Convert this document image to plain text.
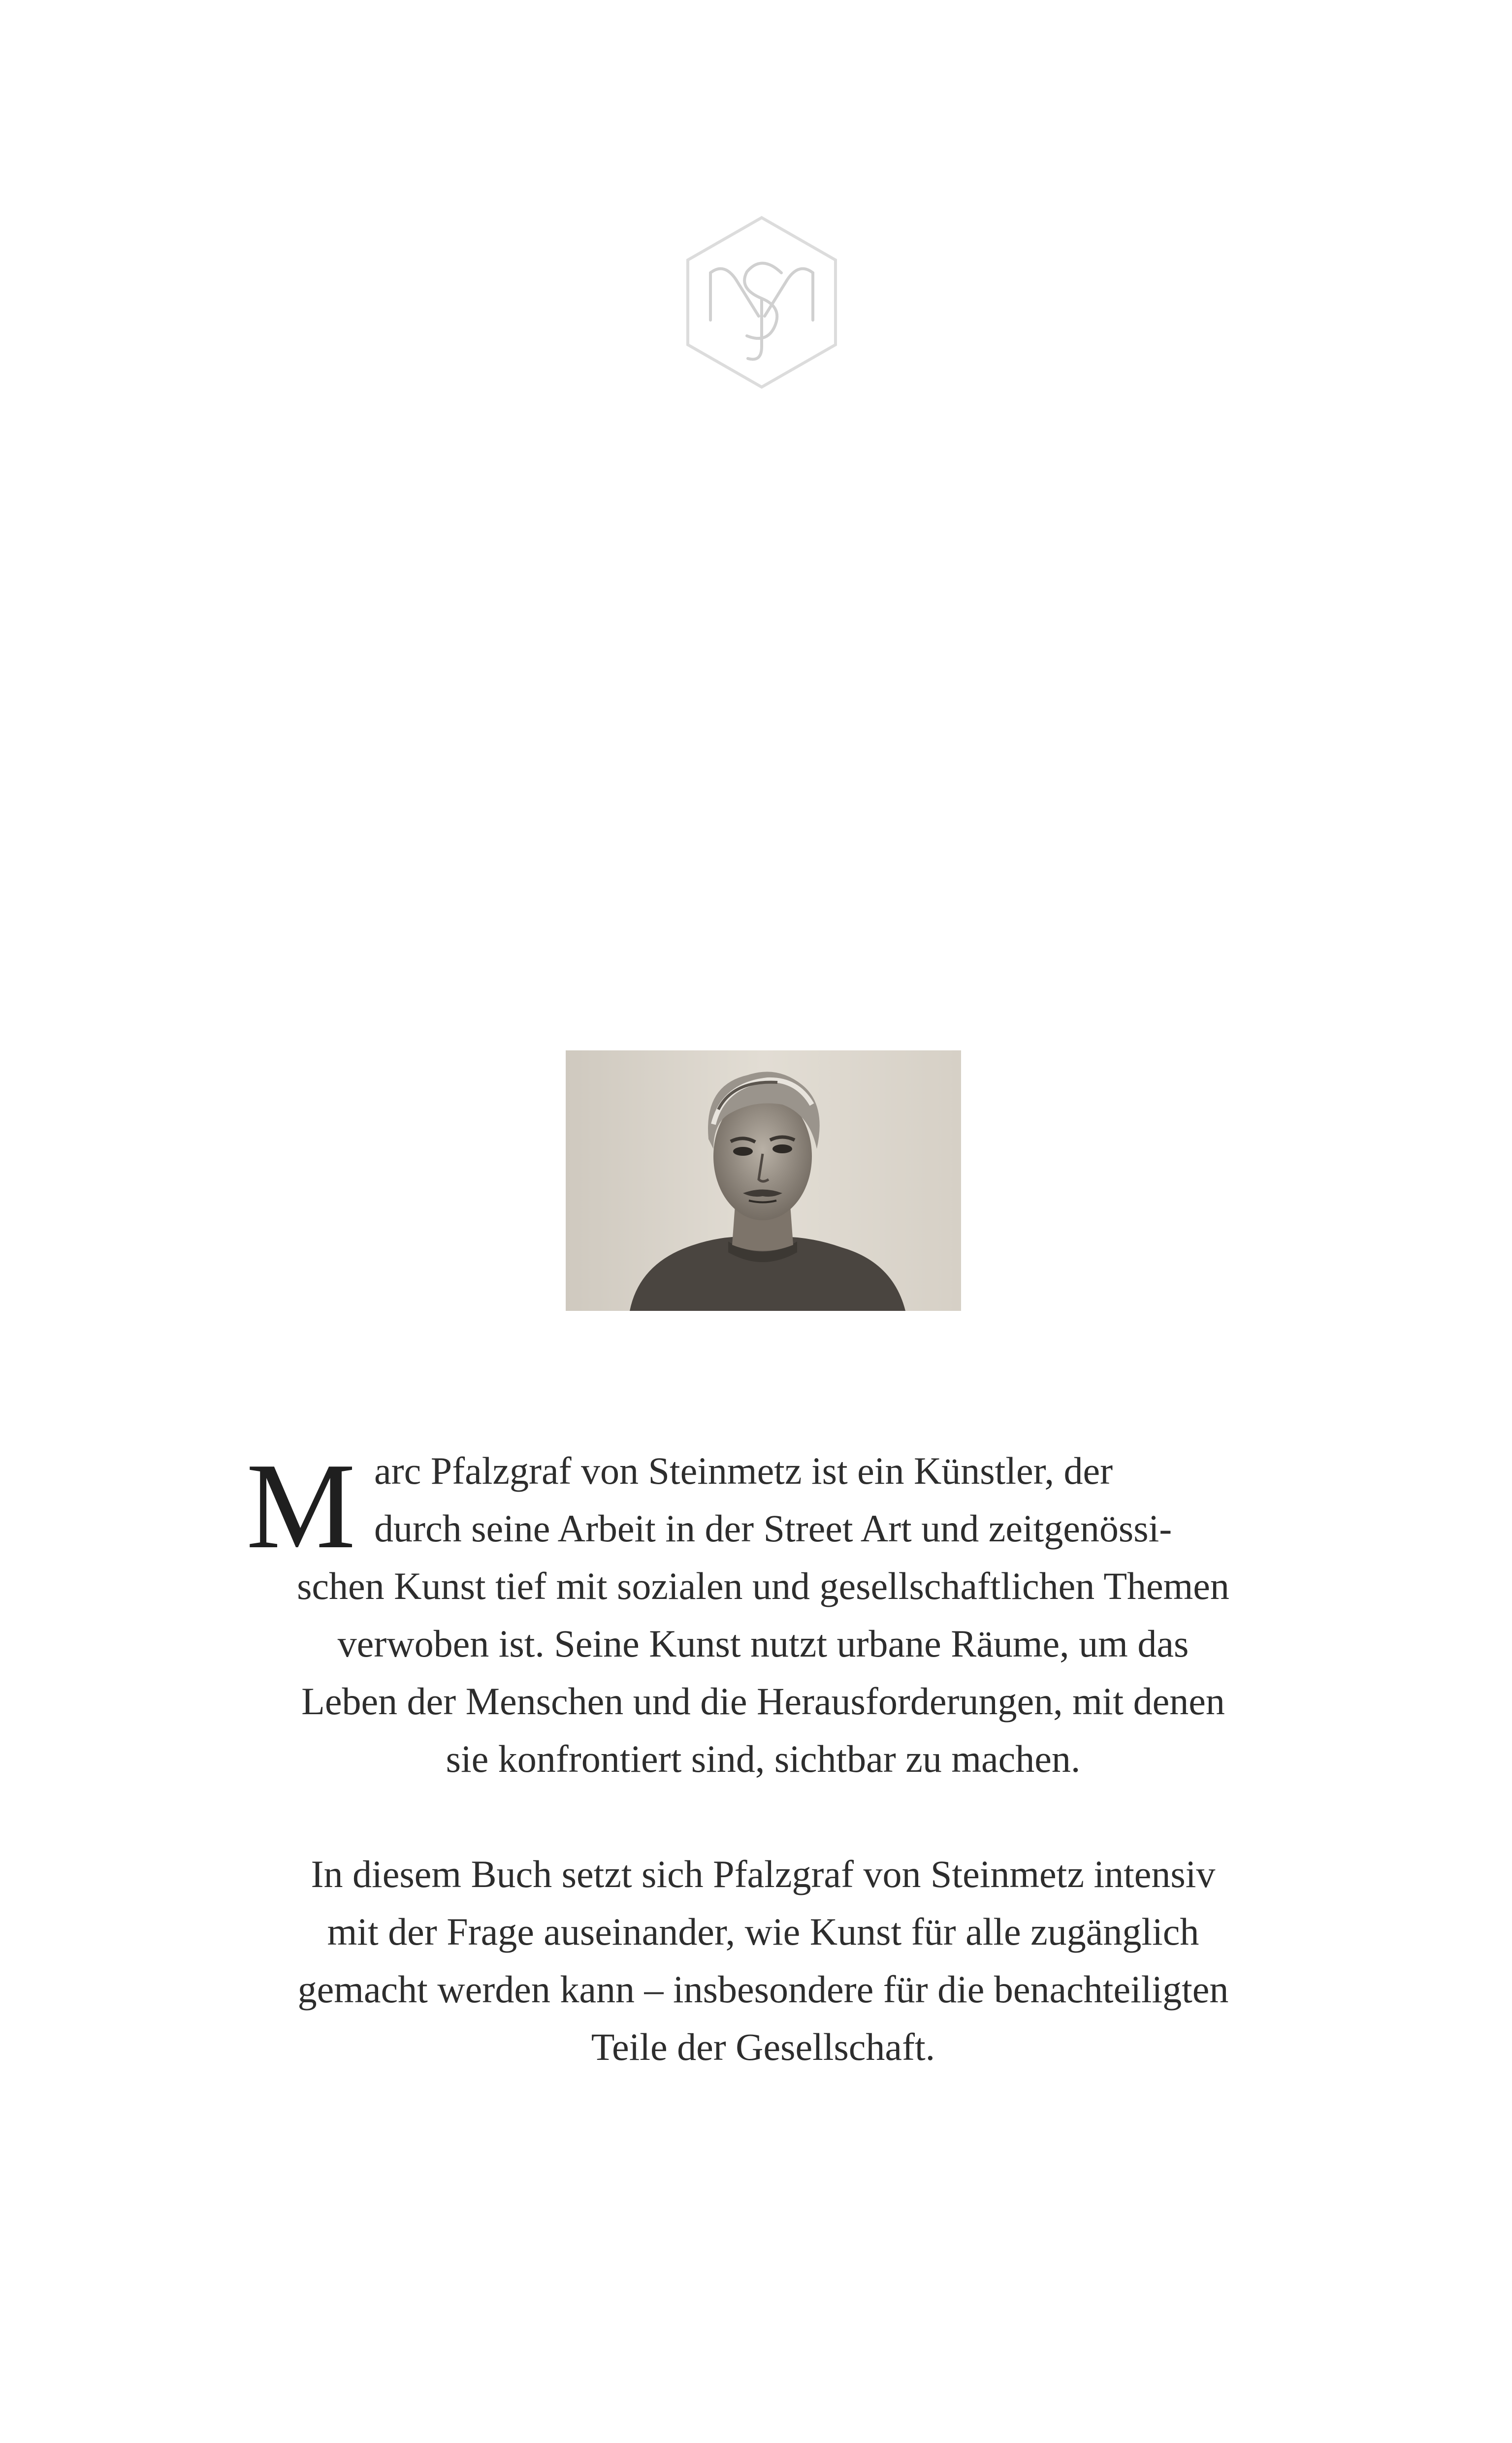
M arc Pfalzgraf von Steinmetz ist ein Künstler, der
durch seine Arbeit in der Street Art und zeitgenössi-
schen Kunst tief mit sozialen und gesellschaftlichen Themen
verwoben ist. Seine Kunst nutzt urbane Räume, um das
Leben der Menschen und die Herausforderungen, mit denen
sie konfrontiert sind, sichtbar zu machen.
In diesem Buch setzt sich Pfalzgraf von Steinmetz intensiv
mit der Frage auseinander, wie Kunst für alle zugänglich
gemacht werden kann – insbesondere für die benachteiligten
Teile der Gesellschaft.
